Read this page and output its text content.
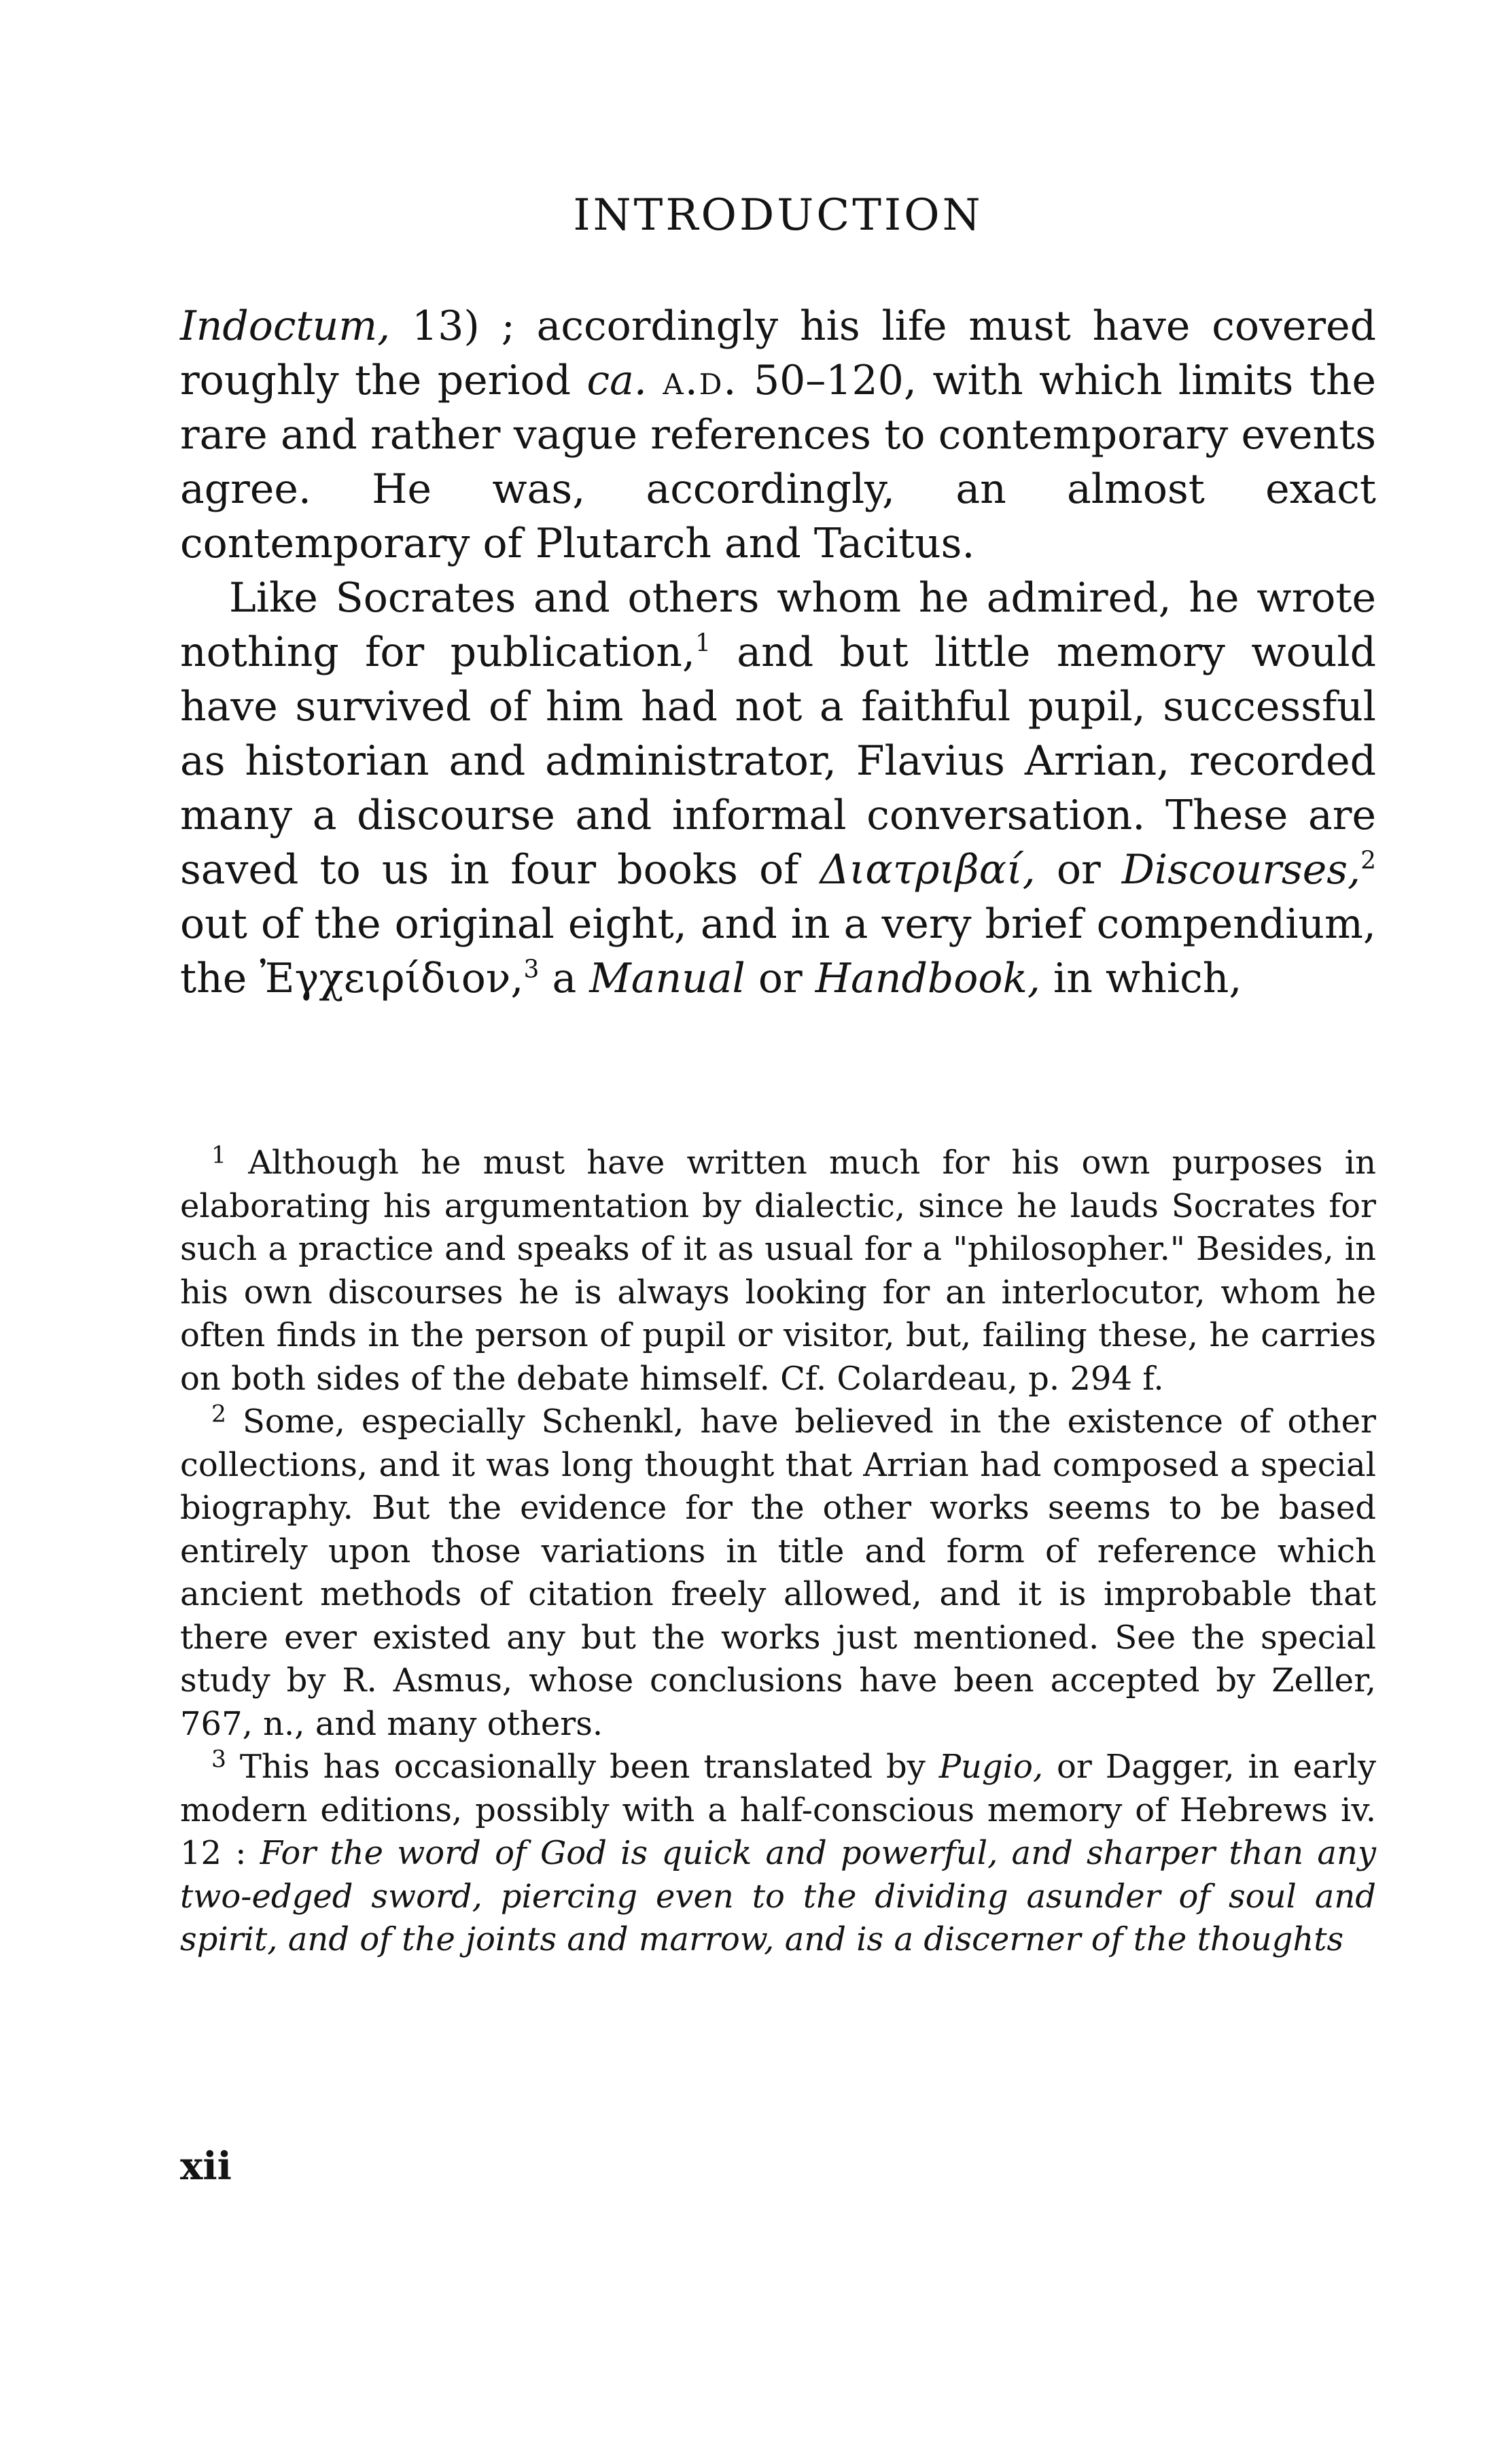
INTRODUCTION

Indoctum, 13) ; accordingly his life must have covered roughly the period ca. a.d. 50–120, with which limits the rare and rather vague references to contemporary events agree. He was, accordingly, an almost exact contemporary of Plutarch and Tacitus.

Like Socrates and others whom he admired, he wrote nothing for publication,$^1$ and but little memory would have survived of him had not a faithful pupil, successful as historian and administrator, Flavius Arrian, recorded many a discourse and informal conversation. These are saved to us in four books of Διατριβαί, or Discourses,$^2$ out of the original eight, and in a very brief compendium, the Ἐγχειρίδιον,$^3$ a Manual or Handbook, in which,

$^1$ Although he must have written much for his own purposes in elaborating his argumentation by dialectic, since he lauds Socrates for such a practice and speaks of it as usual for a "philosopher." Besides, in his own discourses he is always looking for an interlocutor, whom he often finds in the person of pupil or visitor, but, failing these, he carries on both sides of the debate himself. Cf. Colardeau, p. 294 f.

$^2$ Some, especially Schenkl, have believed in the existence of other collections, and it was long thought that Arrian had composed a special biography. But the evidence for the other works seems to be based entirely upon those variations in title and form of reference which ancient methods of citation freely allowed, and it is improbable that there ever existed any but the works just mentioned. See the special study by R. Asmus, whose conclusions have been accepted by Zeller, 767, n., and many others.

$^3$ This has occasionally been translated by Pugio, or Dagger, in early modern editions, possibly with a half-conscious memory of Hebrews iv. 12 : For the word of God is quick and powerful, and sharper than any two-edged sword, piercing even to the dividing asunder of soul and spirit, and of the joints and marrow, and is a discerner of the thoughts

xii
